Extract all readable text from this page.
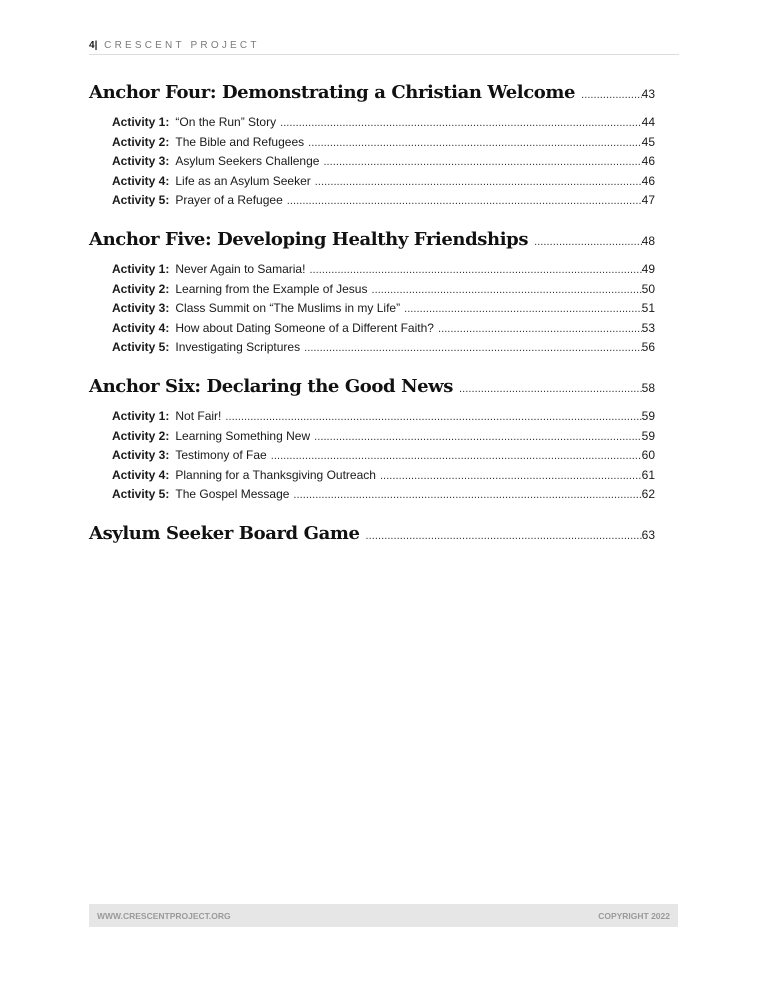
4| CRESCENT PROJECT
Anchor Four: Demonstrating a Christian Welcome . . .	43
Activity 1: “On the Run” Story . . .	44
Activity 2: The Bible and Refugees . . .	45
Activity 3: Asylum Seekers Challenge . . .	46
Activity 4: Life as an Asylum Seeker . . .	46
Activity 5: Prayer of a Refugee . . .	47
Anchor Five: Developing Healthy Friendships . . .	48
Activity 1: Never Again to Samaria! . . .	49
Activity 2: Learning from the Example of Jesus . . .	50
Activity 3: Class Summit on “The Muslims in my Life” . . .	51
Activity 4: How about Dating Someone of a Different Faith? . . .	53
Activity 5: Investigating Scriptures . . .	56
Anchor Six: Declaring the Good News . . .	58
Activity 1: Not Fair! . . .	59
Activity 2: Learning Something New . . .	59
Activity 3: Testimony of Fae . . .	60
Activity 4: Planning for a Thanksgiving Outreach . . .	61
Activity 5: The Gospel Message . . .	62
Asylum Seeker Board Game . . .	63
WWW.CRESCENTPROJECT.ORG	COPYRIGHT 2022
